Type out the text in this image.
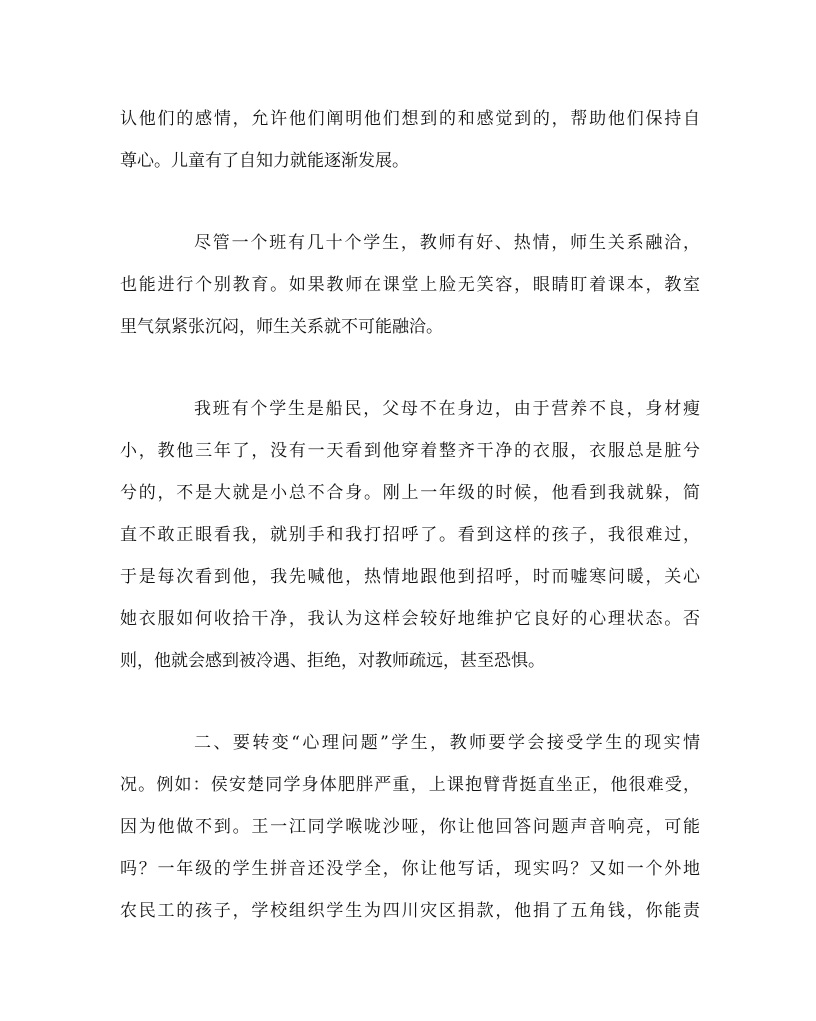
认他们的感情，允许他们阐明他们想到的和感觉到的，帮助他们保持自
尊心。儿童有了自知力就能逐渐发展。
尽管一个班有几十个学生，教师有好、热情，师生关系融洽，
也能进行个别教育。如果教师在课堂上脸无笑容，眼睛盯着课本，教室
里气氛紧张沉闷，师生关系就不可能融洽。
我班有个学生是船民，父母不在身边，由于营养不良，身材瘦
小，教他三年了，没有一天看到他穿着整齐干净的衣服，衣服总是脏兮
兮的，不是大就是小总不合身。刚上一年级的时候，他看到我就躲，简
直不敢正眼看我，就别手和我打招呼了。看到这样的孩子，我很难过，
于是每次看到他，我先喊他，热情地跟他到招呼，时而嘘寒问暖，关心
她衣服如何收拾干净，我认为这样会较好地维护它良好的心理状态。否
则，他就会感到被冷遇、拒绝，对教师疏远，甚至恐惧。
二、要转变“心理问题”学生，教师要学会接受学生的现实情
况。例如：侯安楚同学身体肥胖严重，上课抱臂背挺直坐正，他很难受，
因为他做不到。王一江同学喉咙沙哑，你让他回答问题声音响亮，可能
吗？一年级的学生拼音还没学全，你让他写话，现实吗？又如一个外地
农民工的孩子，学校组织学生为四川灾区捐款，他捐了五角钱，你能责
